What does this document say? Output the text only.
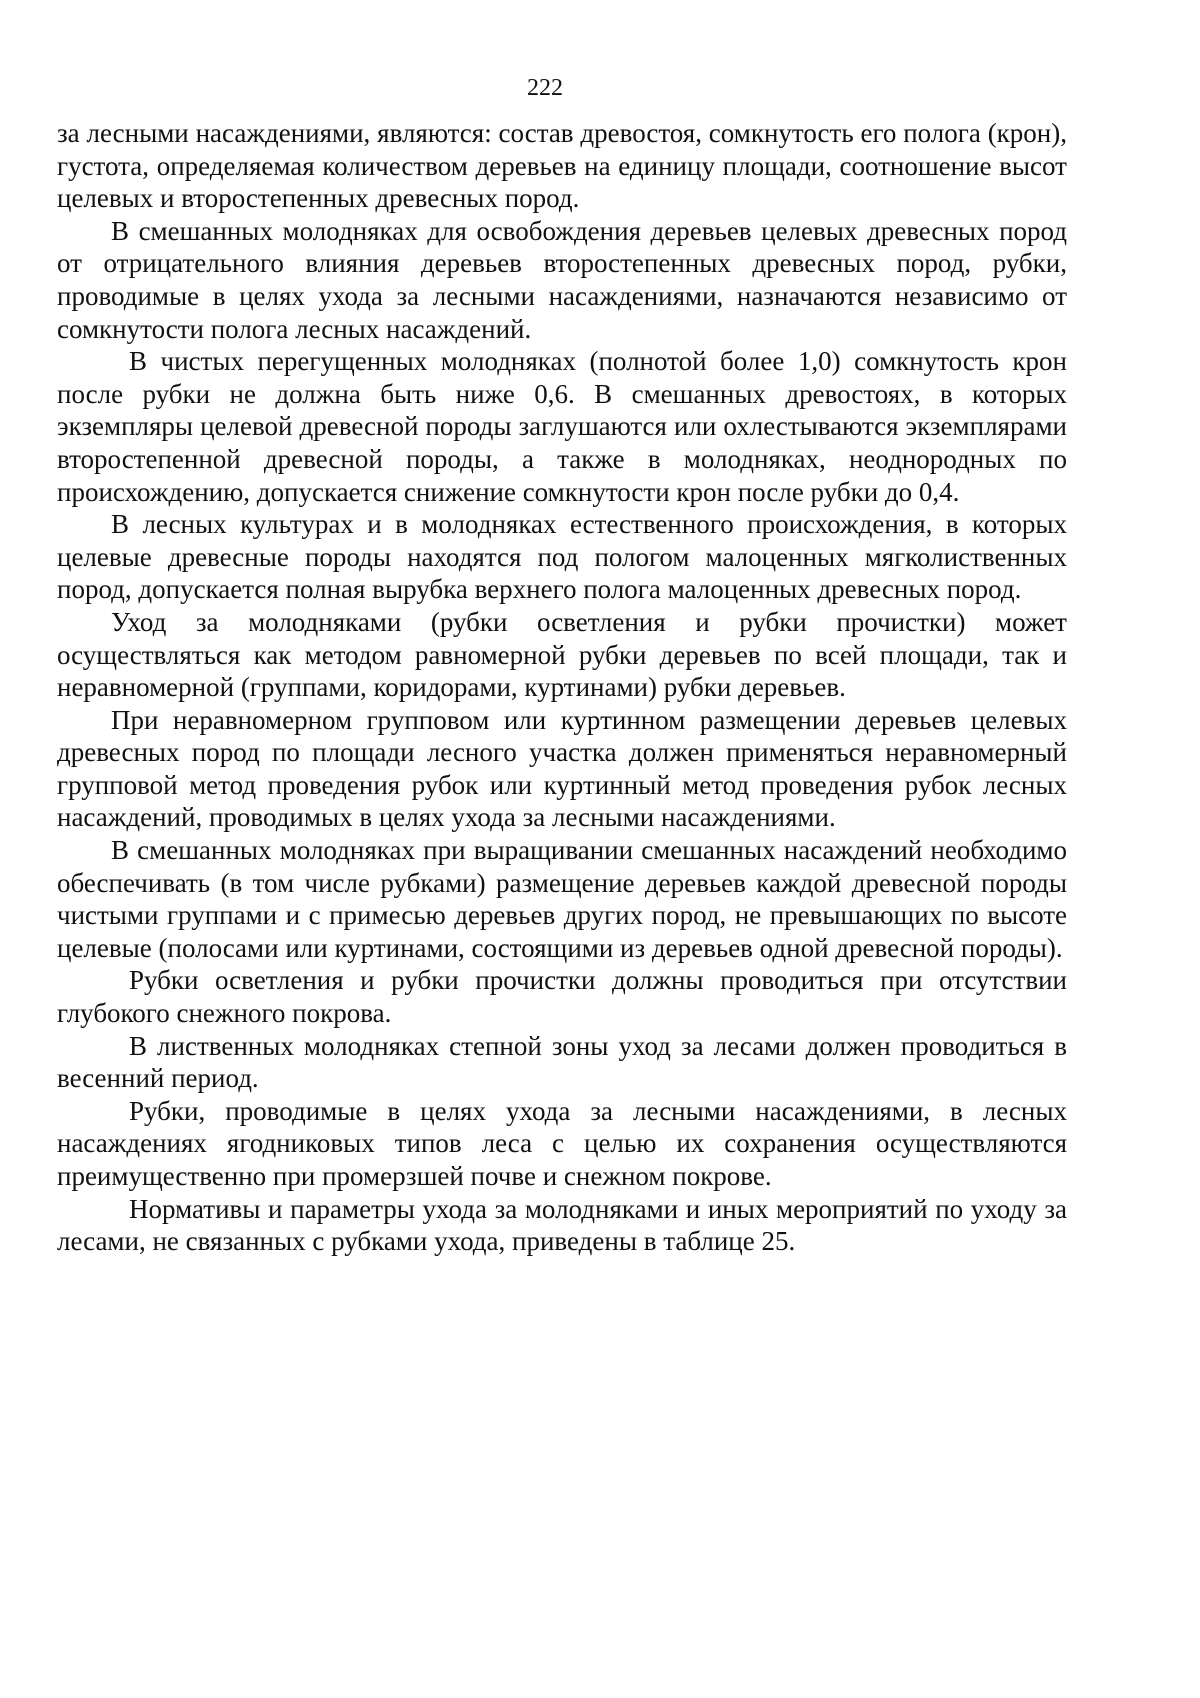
222

за лесными насаждениями, являются: состав древостоя, сомкнутость его полога (крон), густота, определяемая количеством деревьев на единицу площади, соотношение высот целевых и второстепенных древесных пород.

В смешанных молодняках для освобождения деревьев целевых древесных пород от отрицательного влияния деревьев второстепенных древесных пород, рубки, проводимые в целях ухода за лесными насаждениями, назначаются независимо от сомкнутости полога лесных насаждений.

В чистых перегущенных молодняках (полнотой более 1,0) сомкнутость крон после рубки не должна быть ниже 0,6. В смешанных древостоях, в которых экземпляры целевой древесной породы заглушаются или охлестываются экземплярами второстепенной древесной породы, а также в молодняках, неоднородных по происхождению, допускается снижение сомкнутости крон после рубки до 0,4.

В лесных культурах и в молодняках естественного происхождения, в которых целевые древесные породы находятся под пологом малоценных мягколиственных пород, допускается полная вырубка верхнего полога малоценных древесных пород.

Уход за молодняками (рубки осветления и рубки прочистки) может осуществляться как методом равномерной рубки деревьев по всей площади, так и неравномерной (группами, коридорами, куртинами) рубки деревьев.

При неравномерном групповом или куртинном размещении деревьев целевых древесных пород по площади лесного участка должен применяться неравномерный групповой метод проведения рубок или куртинный метод проведения рубок лесных насаждений, проводимых в целях ухода за лесными насаждениями.

В смешанных молодняках при выращивании смешанных насаждений необходимо обеспечивать (в том числе рубками) размещение деревьев каждой древесной породы чистыми группами и с примесью деревьев других пород, не превышающих по высоте целевые (полосами или куртинами, состоящими из деревьев одной древесной породы).

Рубки осветления и рубки прочистки должны проводиться при отсутствии глубокого снежного покрова.

В лиственных молодняках степной зоны уход за лесами должен проводиться в весенний период.

Рубки, проводимые в целях ухода за лесными насаждениями, в лесных насаждениях ягодниковых типов леса с целью их сохранения осуществляются преимущественно при промерзшей почве и снежном покрове.

Нормативы и параметры ухода за молодняками и иных мероприятий по уходу за лесами, не связанных с рубками ухода, приведены в таблице 25.
